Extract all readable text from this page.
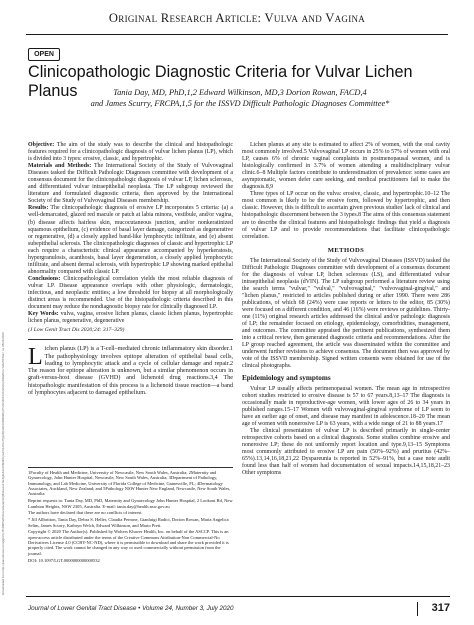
Original Research Article: Vulva and Vagina
OPEN
Clinicopathologic Diagnostic Criteria for Vulvar Lichen Planus	Tania Day, MD, PhD,1,2 Edward Wilkinson, MD,3 Dorion Rowan, FACD,4
and James Scurry, FRCPA,1,5 for the ISSVD Difficult Pathologic Diagnoses Committee*
Downloaded from http://journals.lww.com/jlgtd by BhDMf5ePHKav1zEoum1tQfN4a+kJLhEZgbsIHo4XMi0hCywCX1AWnYQp/IlQrHD3i3D0OdRyi7TvSFl4Cf3VC4/OAVpDDa8K2+Ya6H515kE= on 08/24/2020

Objective: The aim of the study was to describe the clinical and histopathologic features required for a clinicopathologic diagnosis of vulvar lichen planus (LP), which is divided into 3 types: erosive, classic, and hypertrophic.

Materials and Methods: The International Society of the Study of Vulvovaginal Diseases tasked the Difficult Pathologic Diagnoses committee with development of a consensus document for the clinicopathologic diagnosis of vulvar LP, lichen sclerosus, and differentiated vulvar intraepithelial neoplasia. The LP subgroup reviewed the literature and formulated diagnostic criteria, then approved by the International Society of the Study of Vulvovaginal Diseases membership.

Results: The clinicopathologic diagnosis of erosive LP incorporates 5 criteria: (a) a well-demarcated, glazed red macule or patch at labia minora, vestibule, and/or vagina, (b) disease affects hairless skin, mucocutaneous junction, and/or nonkeratinized squamous epithelium, (c) evidence of basal layer damage, categorized as degenerative or regenerative, (d) a closely applied band-like lymphocytic infiltrate, and (e) absent subepithelial sclerosis. The clinicopathologic diagnoses of classic and hypertrophic LP each require a characteristic clinical appearance accompanied by hyperkeratosis, hypergranulosis, acanthosis, basal layer degeneration, a closely applied lymphocytic infiltrate, and absent dermal sclerosis, with hypertrophic LP showing marked epithelial abnormality compared with classic LP.

Conclusions: Clinicopathological correlation yields the most reliable diagnosis of vulvar LP. Disease appearance overlaps with other physiologic, dermatologic, infectious, and neoplastic entities; a low threshold for biopsy at all morphologically distinct areas is recommended. Use of the histopathologic criteria described in this document may reduce the nondiagnostic biopsy rate for clinically diagnosed LP.

Key Words: vulva, vagina, erosive lichen planus, classic lichen planus, hypertrophic lichen planus, regenerative, degenerative

(J Low Genit Tract Dis 2020;24: 317–329)

Lichen planus (LP) is a T-cell–mediated chronic inflammatory skin disorder.1 The pathophysiology involves epitope alteration of epithelial basal cells, leading to lymphocytic attack and a cycle of cellular damage and repair.2 The reason for epitope alteration is unknown, but a similar phenomenon occurs in graft-versus-host disease (GVHD) and lichenoid drug reactions.3,4 The histopathologic manifestation of this process is a lichenoid tissue reaction—a band of lymphocytes adjacent to damaged epithelium.

1Faculty of Health and Medicine, University of Newcastle, New South Wales, Australia; 2Maternity and Gynaecology, John Hunter Hospital, Newcastle, New South Wales, Australia; 3Department of Pathology, Immunology, and Lab Medicine, University of Florida College of Medicine, Gainesville, FL; 4Dermatology Associates, Auckland, New Zealand; and 5Pathology NSW Hunter New England, Newcastle, New South Wales, Australia

Reprint requests to: Tania Day, MD, PhD, Maternity and Gynaecology John Hunter Hospital, 2 Lookout Rd, New Lambton Heights, NSW 2305, Australia. E-mail: tania.day@health.nsw.gov.au

The authors have declared that there are no conflicts of interest.

* Jill Allbritton, Tania Day, Debra S. Heller, Claudia Perrone, Gianluigi Radici, Dorion Rowan, Maria Angelica Selim, James Scurry, Kathryn Welch, Edward Wilkinson, and Mario Preti.

Copyright © 2020 The Author(s). Published by Wolters Kluwer Health, Inc. on behalf of the ASCCP. This is an open-access article distributed under the terms of the Creative Commons Attribution-Non Commercial-No Derivatives License 4.0 (CCBY-NC-ND), where it is permissible to download and share the work provided it is properly cited. The work cannot be changed in any way or used commercially without permission from the journal.

DOI: 10.1097/LGT.0000000000000532

Lichen planus at any site is estimated to affect 2% of women, with the oral cavity most commonly involved.5 Vulvovaginal LP occurs in 25% to 57% of women with oral LP, causes 6% of chronic vaginal complaints in postmenopausal women, and is histologically confirmed in 3.7% of women attending a multidisciplinary vulvar clinic.6–8 Multiple factors contribute to underestimation of prevalence: some cases are asymptomatic, women defer care seeking, and medical practitioners fail to make the diagnosis.8,9

Three types of LP occur on the vulva: erosive, classic, and hypertrophic.10–12 The most common is likely to be the erosive form, followed by hypertrophic, and then classic. However, this is difficult to ascertain given previous studies' lack of clinical and histopathologic discernment between the 3 types.8 The aims of this consensus statement are to describe the clinical features and histopathologic findings that yield a diagnosis of vulvar LP and to provide recommendations that facilitate clinicopathologic correlation.

METHODS

The International Society of the Study of Vulvovaginal Diseases (ISSVD) tasked the Difficult Pathologic Diagnoses committee with development of a consensus document for the diagnosis of vulvar LP, lichen sclerosus (LS), and differentiated vulvar intraepithelial neoplasia (dVIN). The LP subgroup performed a literature review using the search terms "vulvar," "vulval," "vulvovaginal," "vulvovaginal-gingival," and "lichen planus," restricted to articles published during or after 1990. There were 286 publications, of which 68 (24%) were case reports or letters to the editor, 85 (30%) were focused on a different condition, and 46 (16%) were reviews or guidelines. Thirty-one (11%) original research articles addressed the clinical and/or pathologic diagnosis of LP; the remainder focused on etiology, epidemiology, comorbidities, management, and outcomes. The committee appraised the pertinent publications, synthesized them into a critical review, then generated diagnostic criteria and recommendations. After the LP group reached agreement, the article was disseminated within the committee and underwent further revisions to achieve consensus. The document then was approved by vote of the ISSVD membership. Signed written consents were obtained for use of the clinical photographs.

Epidemiology and symptoms

Vulvar LP usually affects perimenopausal women. The mean age in retrospective cohort studies restricted to erosive disease is 57 to 67 years.8,13–17 The diagnosis is occasionally made in reproductive-age women, with lower ages of 26 to 34 years in published ranges.15–17 Women with vulvovaginal-gingival syndrome of LP seem to have an earlier age of onset, and disease may manifest in adolescence.18–20 The mean age of women with nonerosive LP is 63 years, with a wide range of 21 to 88 years.17

The clinical presentation of vulvar LP is described primarily in single-center retrospective cohorts based on a clinical diagnosis. Some studies combine erosive and nonerosive LP; these do not uniformly report location and type.9,13–15 Symptoms most commonly attributed to erosive LP are pain (50%–92%) and pruritus (42%–65%).13,14,16,18,21,22 Dyspareunia is reported in 52%–91%, but a case note audit found less than half of women had documentation of sexual impacts.14,15,18,21–23 Other symptoms

Journal of Lower Genital Tract Disease • Volume 24, Number 3, July 2020	317
